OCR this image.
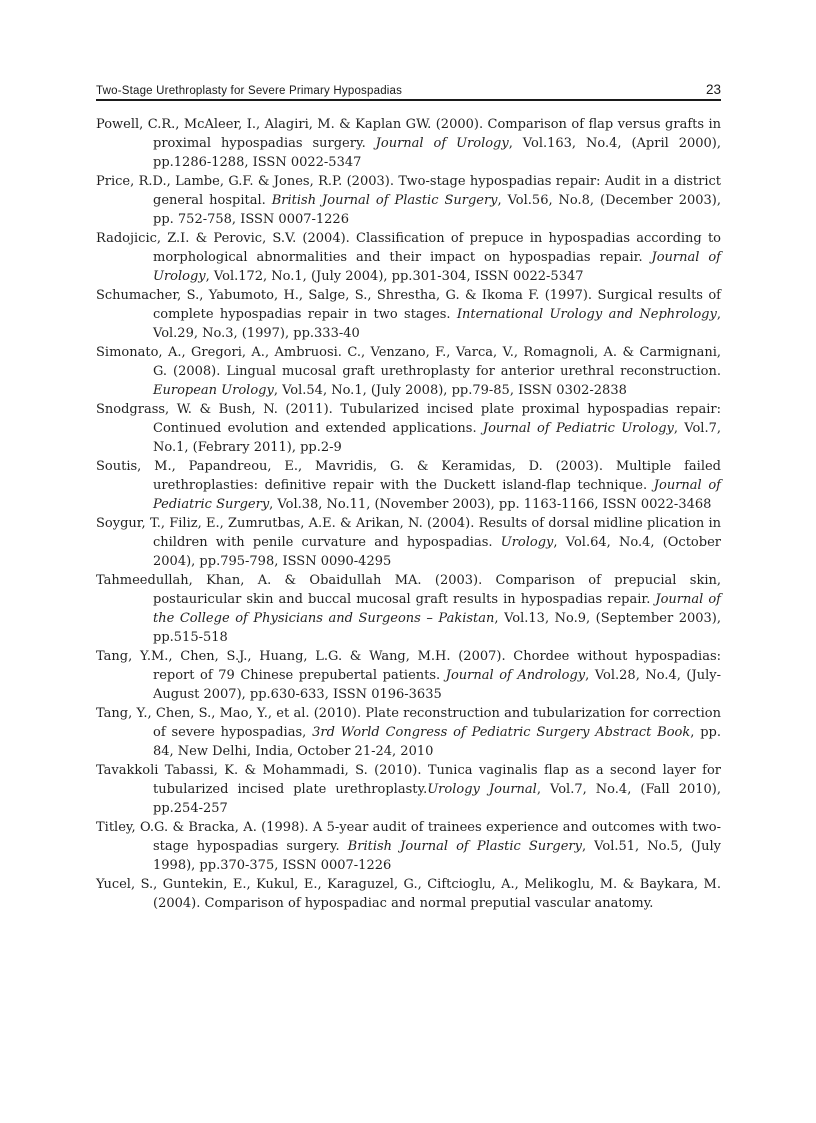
Two-Stage Urethroplasty for Severe Primary Hypospadias	23

Powell, C.R., McAleer, I., Alagiri, M. & Kaplan GW. (2000). Comparison of flap versus grafts in proximal hypospadias surgery. Journal of Urology, Vol.163, No.4, (April 2000), pp.1286-1288, ISSN 0022-5347

Price, R.D., Lambe, G.F. & Jones, R.P. (2003). Two-stage hypospadias repair: Audit in a district general hospital. British Journal of Plastic Surgery, Vol.56, No.8, (December 2003), pp. 752-758, ISSN 0007-1226

Radojicic, Z.I. & Perovic, S.V. (2004). Classification of prepuce in hypospadias according to morphological abnormalities and their impact on hypospadias repair. Journal of Urology, Vol.172, No.1, (July 2004), pp.301-304, ISSN 0022-5347

Schumacher, S., Yabumoto, H., Salge, S., Shrestha, G. & Ikoma F. (1997). Surgical results of complete hypospadias repair in two stages. International Urology and Nephrology, Vol.29, No.3, (1997), pp.333-40

Simonato, A., Gregori, A., Ambruosi. C., Venzano, F., Varca, V., Romagnoli, A. & Carmignani, G. (2008). Lingual mucosal graft urethroplasty for anterior urethral reconstruction. European Urology, Vol.54, No.1, (July 2008), pp.79-85, ISSN 0302-2838

Snodgrass, W. & Bush, N. (2011). Tubularized incised plate proximal hypospadias repair: Continued evolution and extended applications. Journal of Pediatric Urology, Vol.7, No.1, (Febrary 2011), pp.2-9

Soutis, M., Papandreou, E., Mavridis, G. & Keramidas, D. (2003). Multiple failed urethroplasties: definitive repair with the Duckett island-flap technique. Journal of Pediatric Surgery, Vol.38, No.11, (November 2003), pp. 1163-1166, ISSN 0022-3468

Soygur, T., Filiz, E., Zumrutbas, A.E. & Arikan, N. (2004). Results of dorsal midline plication in children with penile curvature and hypospadias. Urology, Vol.64, No.4, (October 2004), pp.795-798, ISSN 0090-4295

Tahmeedullah, Khan, A. & Obaidullah MA. (2003). Comparison of prepucial skin, postauricular skin and buccal mucosal graft results in hypospadias repair. Journal of the College of Physicians and Surgeons – Pakistan, Vol.13, No.9, (September 2003), pp.515-518

Tang, Y.M., Chen, S.J., Huang, L.G. & Wang, M.H. (2007). Chordee without hypospadias: report of 79 Chinese prepubertal patients. Journal of Andrology, Vol.28, No.4, (July-August 2007), pp.630-633, ISSN 0196-3635

Tang, Y., Chen, S., Mao, Y., et al. (2010). Plate reconstruction and tubularization for correction of severe hypospadias, 3rd World Congress of Pediatric Surgery Abstract Book, pp. 84, New Delhi, India, October 21-24, 2010

Tavakkoli Tabassi, K. & Mohammadi, S. (2010). Tunica vaginalis flap as a second layer for tubularized incised plate urethroplasty.Urology Journal, Vol.7, No.4, (Fall 2010), pp.254-257

Titley, O.G. & Bracka, A. (1998). A 5-year audit of trainees experience and outcomes with two-stage hypospadias surgery. British Journal of Plastic Surgery, Vol.51, No.5, (July 1998), pp.370-375, ISSN 0007-1226

Yucel, S., Guntekin, E., Kukul, E., Karaguzel, G., Ciftcioglu, A., Melikoglu, M. & Baykara, M. (2004). Comparison of hypospadiac and normal preputial vascular anatomy.
